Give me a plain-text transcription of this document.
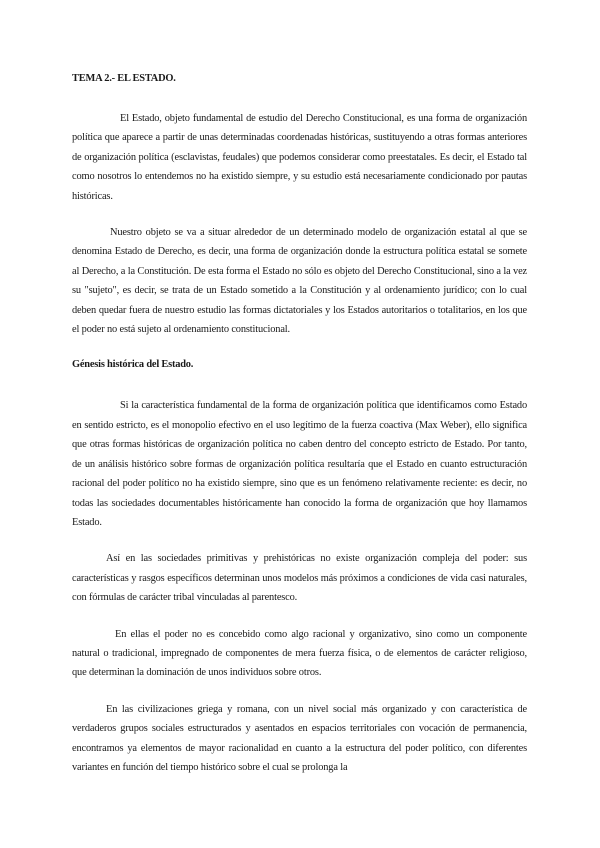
TEMA 2.- EL ESTADO.

El Estado, objeto fundamental de estudio del Derecho Constitucional, es una forma de organización política que aparece a partir de unas determinadas coordenadas históricas, sustituyendo a otras formas anteriores de organización política (esclavistas, feudales) que podemos considerar como preestatales. Es decir, el Estado tal como nosotros lo entendemos no ha existido siempre, y su estudio está necesariamente condicionado por pautas históricas.

Nuestro objeto se va a situar alrededor de un determinado modelo de organización estatal al que se denomina Estado de Derecho, es decir, una forma de organización donde la estructura política estatal se somete al Derecho, a la Constitución. De esta forma el Estado no sólo es objeto del Derecho Constitucional, sino a la vez su "sujeto", es decir, se trata de un Estado sometido a la Constitución y al ordenamiento jurídico; con lo cual deben quedar fuera de nuestro estudio las formas dictatoriales y los Estados autoritarios o totalitarios, en los que el poder no está sujeto al ordenamiento constitucional.

Génesis histórica del Estado.

Si la característica fundamental de la forma de organización política que identificamos como Estado en sentido estricto, es el monopolio efectivo en el uso legítimo de la fuerza coactiva (Max Weber), ello significa que otras formas históricas de organización política no caben dentro del concepto estricto de Estado. Por tanto, de un análisis histórico sobre formas de organización política resultaría que el Estado en cuanto estructuración racional del poder político no ha existido siempre, sino que es un fenómeno relativamente reciente: es decir, no todas las sociedades documentables históricamente han conocido la forma de organización que hoy llamamos Estado.

Así en las sociedades primitivas y prehistóricas no existe organización compleja del poder: sus características y rasgos específicos determinan unos modelos más próximos a condiciones de vida casi naturales, con fórmulas de carácter tribal vinculadas al parentesco.

En ellas el poder no es concebido como algo racional y organizativo, sino como un componente natural o tradicional, impregnado de componentes de mera fuerza física, o de elementos de carácter religioso, que determinan la dominación de unos individuos sobre otros.

En las civilizaciones griega y romana, con un nivel social más organizado y con característica de verdaderos grupos sociales estructurados y asentados en espacios territoriales con vocación de permanencia, encontramos ya elementos de mayor racionalidad en cuanto a la estructura del poder político, con diferentes variantes en función del tiempo histórico sobre el cual se prolonga la
